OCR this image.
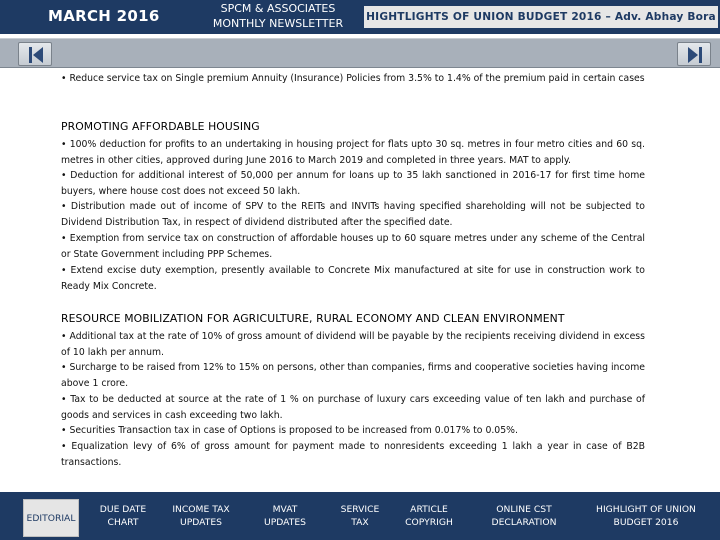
MARCH 2016	SPCM & ASSOCIATES
MONTHLY NEWSLETTER	HIGHTLIGHTS OF UNION BUDGET 2016 – Adv. Abhay Bora
• Reduce service tax on Single premium Annuity (Insurance) Policies from 3.5% to 1.4% of the premium paid in certain cases
PROMOTING AFFORDABLE HOUSING
• 100% deduction for profits to an undertaking in housing project for flats upto 30 sq. metres in four metro cities and 60 sq. metres in other cities, approved during June 2016 to March 2019 and completed in three years. MAT to apply.
• Deduction for additional interest of 50,000 per annum for loans up to 35 lakh sanctioned in 2016-17 for first time home buyers, where house cost does not exceed 50 lakh.
• Distribution made out of income of SPV to the REITs and INVITs having specified shareholding will not be subjected to Dividend Distribution Tax, in respect of dividend distributed after the specified date.
• Exemption from service tax on construction of affordable houses up to 60 square metres under any scheme of the Central or State Government including PPP Schemes.
• Extend excise duty exemption, presently available to Concrete Mix manufactured at site for use in construction work to Ready Mix Concrete.
RESOURCE MOBILIZATION FOR AGRICULTURE, RURAL ECONOMY AND CLEAN ENVIRONMENT
• Additional tax at the rate of 10% of gross amount of dividend will be payable by the recipients receiving dividend in excess of 10 lakh per annum.
• Surcharge to be raised from 12% to 15% on persons, other than companies, firms and cooperative societies having income above 1 crore.
• Tax to be deducted at source at the rate of 1 % on purchase of luxury cars exceeding value of ten lakh and purchase of goods and services in cash exceeding two lakh.
• Securities Transaction tax in case of Options is proposed to be increased from 0.017% to 0.05%.
• Equalization levy of 6% of gross amount for payment made to nonresidents exceeding 1 lakh a year in case of B2B transactions.
EDITORIAL
DUE DATE
CHART
INCOME TAX
UPDATES
MVAT
UPDATES
SERVICE
TAX
ARTICLE
COPYRIGH
ONLINE CST
DECLARATION
HIGHLIGHT OF UNION
BUDGET 2016
